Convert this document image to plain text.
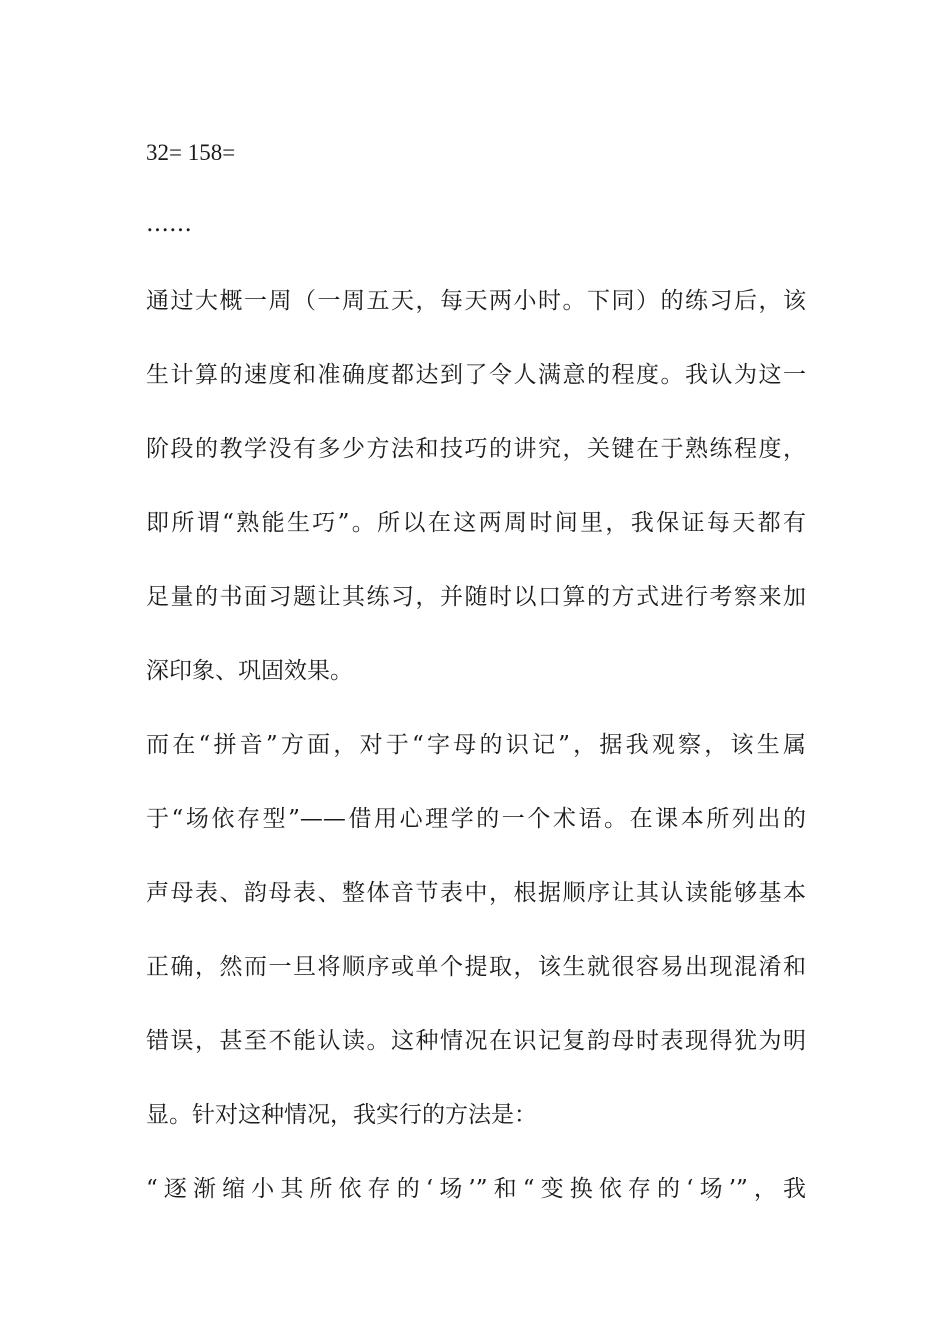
32= 158=
……
通过大概一周（一周五天，每天两小时。下同）的练习后，该
生计算的速度和准确度都达到了令人满意的程度。我认为这一
阶段的教学没有多少方法和技巧的讲究，关键在于熟练程度，
即所谓“熟能生巧”。所以在这两周时间里，我保证每天都有
足量的书面习题让其练习，并随时以口算的方式进行考察来加
深印象、巩固效果。
而在“拼音”方面，对于“字母的识记”，据我观察，该生属
于“场依存型”——借用心理学的一个术语。在课本所列出的
声母表、韵母表、整体音节表中，根据顺序让其认读能够基本
正确，然而一旦将顺序或单个提取，该生就很容易出现混淆和
错误，甚至不能认读。这种情况在识记复韵母时表现得犹为明
显。针对这种情况，我实行的方法是：
“逐渐缩小其所依存的‘场’”和“变换依存的‘场’”，我
